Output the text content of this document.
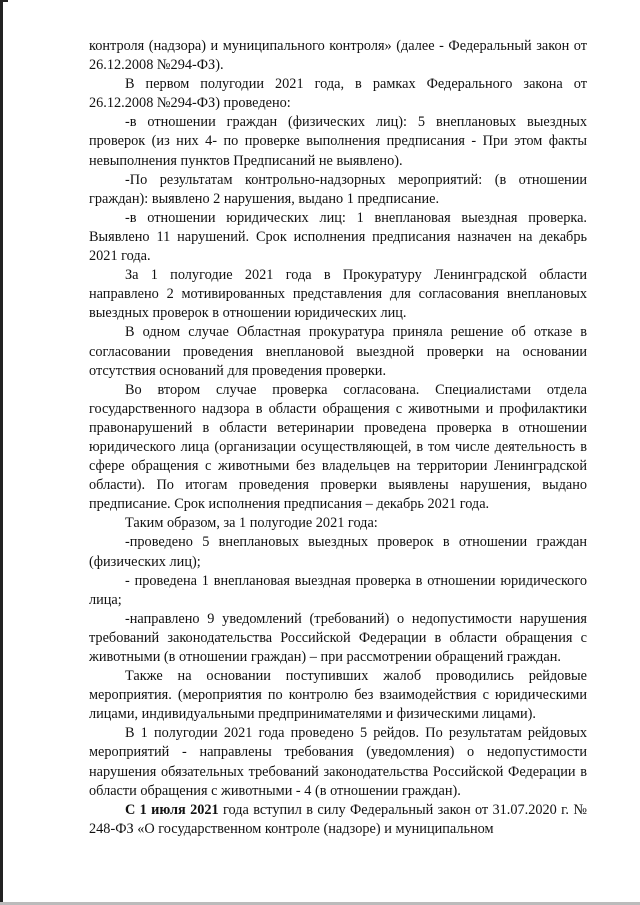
контроля (надзора) и муниципального контроля» (далее - Федеральный закон от 26.12.2008 №294-ФЗ).

В первом полугодии 2021 года, в рамках Федерального закона от 26.12.2008 №294-ФЗ) проведено:

-в отношении граждан (физических лиц): 5 внеплановых выездных проверок (из них 4- по проверке выполнения предписания - При этом факты невыполнения пунктов Предписаний не выявлено).

-По результатам контрольно-надзорных мероприятий: (в отношении граждан): выявлено 2 нарушения, выдано 1 предписание.

-в отношении юридических лиц: 1 внеплановая выездная проверка. Выявлено 11 нарушений. Срок исполнения предписания назначен на декабрь 2021 года.

За 1 полугодие 2021 года в Прокуратуру Ленинградской области направлено 2 мотивированных представления для согласования внеплановых выездных проверок в отношении юридических лиц.

В одном случае Областная прокуратура приняла решение об отказе в согласовании проведения внеплановой выездной проверки на основании отсутствия оснований для проведения проверки.

Во втором случае проверка согласована. Специалистами отдела государственного надзора в области обращения с животными и профилактики правонарушений в области ветеринарии проведена проверка в отношении юридического лица (организации осуществляющей, в том числе деятельность в сфере обращения с животными без владельцев на территории Ленинградской области). По итогам проведения проверки выявлены нарушения, выдано предписание. Срок исполнения предписания – декабрь 2021 года.

Таким образом, за 1 полугодие 2021 года:

-проведено 5 внеплановых выездных проверок в отношении граждан (физических лиц);

- проведена 1 внеплановая выездная проверка в отношении юридического лица;

-направлено 9 уведомлений (требований) о недопустимости нарушения требований законодательства Российской Федерации в области обращения с животными (в отношении граждан) – при рассмотрении обращений граждан.

Также на основании поступивших жалоб проводились рейдовые мероприятия. (мероприятия по контролю без взаимодействия с юридическими лицами, индивидуальными предпринимателями и физическими лицами).

В 1 полугодии 2021 года проведено 5 рейдов. По результатам рейдовых мероприятий - направлены требования (уведомления) о недопустимости нарушения обязательных требований законодательства Российской Федерации в области обращения с животными - 4 (в отношении граждан).

С 1 июля 2021 года вступил в силу Федеральный закон от 31.07.2020 г. № 248-ФЗ «О государственном контроле (надзоре) и муниципальном
